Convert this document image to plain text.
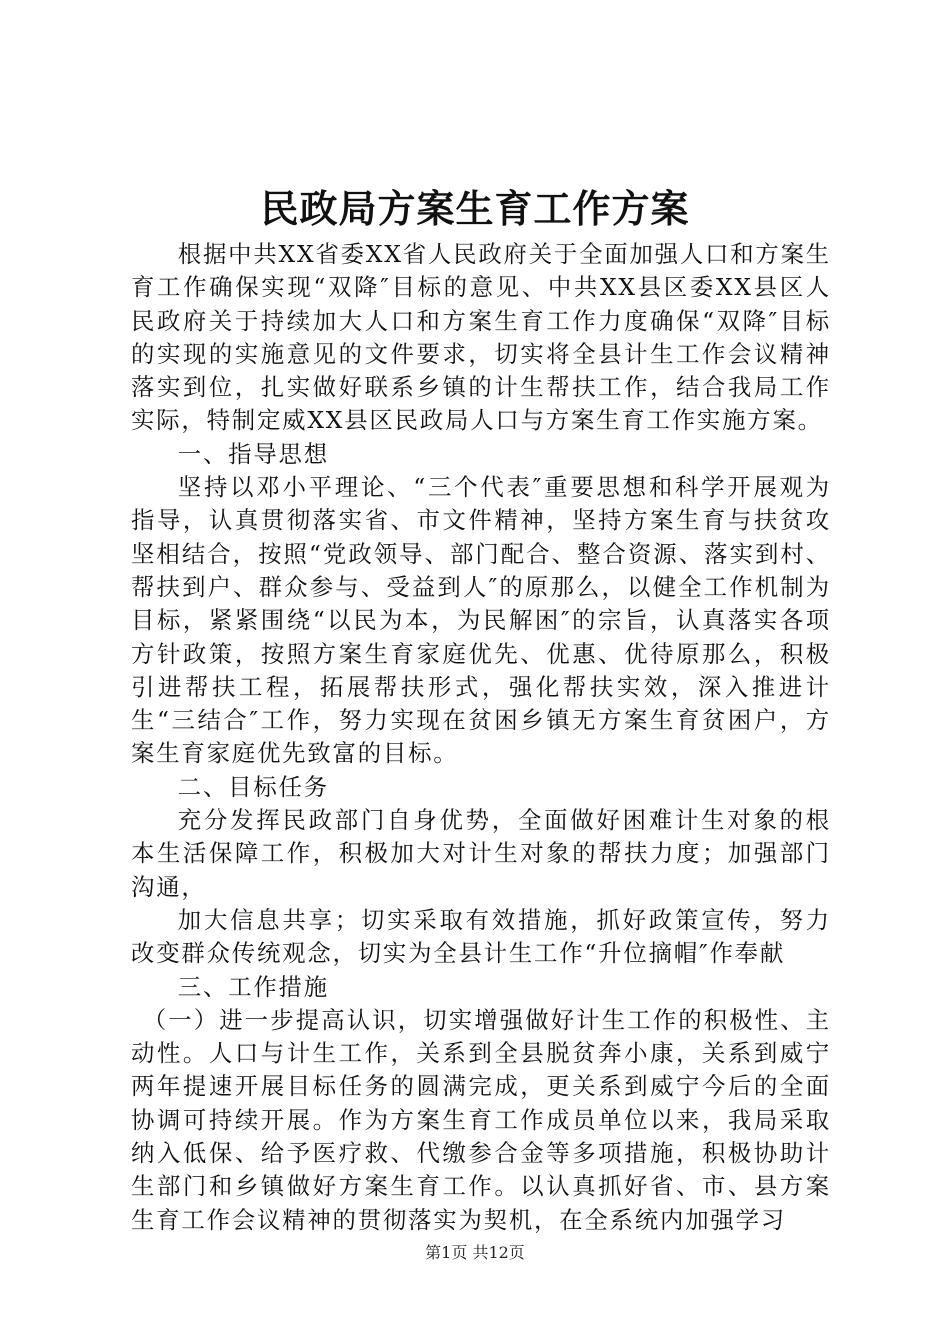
民政局方案生育工作方案

根据中共XX省委XX省人民政府关于全面加强人口和方案生育工作确保实现“双降″目标的意见、中共XX县区委XX县区人民政府关于持续加大人口和方案生育工作力度确保“双降″目标的实现的实施意见的文件要求，切实将全县计生工作会议精神落实到位，扎实做好联系乡镇的计生帮扶工作，结合我局工作实际，特制定威XX县区民政局人口与方案生育工作实施方案。

一、指导思想

坚持以邓小平理论、“三个代表″重要思想和科学开展观为指导，认真贯彻落实省、市文件精神，坚持方案生育与扶贫攻坚相结合，按照“党政领导、部门配合、整合资源、落实到村、帮扶到户、群众参与、受益到人″的原那么，以健全工作机制为目标，紧紧围绕“以民为本，为民解困″的宗旨，认真落实各项方针政策，按照方案生育家庭优先、优惠、优待原那么，积极引进帮扶工程，拓展帮扶形式，强化帮扶实效，深入推进计生“三结合″工作，努力实现在贫困乡镇无方案生育贫困户，方案生育家庭优先致富的目标。

二、目标任务

充分发挥民政部门自身优势，全面做好困难计生对象的根本生活保障工作，积极加大对计生对象的帮扶力度；加强部门沟通，

加大信息共享；切实采取有效措施，抓好政策宣传，努力改变群众传统观念，切实为全县计生工作“升位摘帽″作奉献

三、工作措施

（一）进一步提高认识，切实增强做好计生工作的积极性、主动性。人口与计生工作，关系到全县脱贫奔小康，关系到威宁两年提速开展目标任务的圆满完成，更关系到威宁今后的全面协调可持续开展。作为方案生育工作成员单位以来，我局采取纳入低保、给予医疗救、代缴参合金等多项措施，积极协助计生部门和乡镇做好方案生育工作。以认真抓好省、市、县方案生育工作会议精神的贯彻落实为契机，在全系统内加强学习

第1页 共12页
